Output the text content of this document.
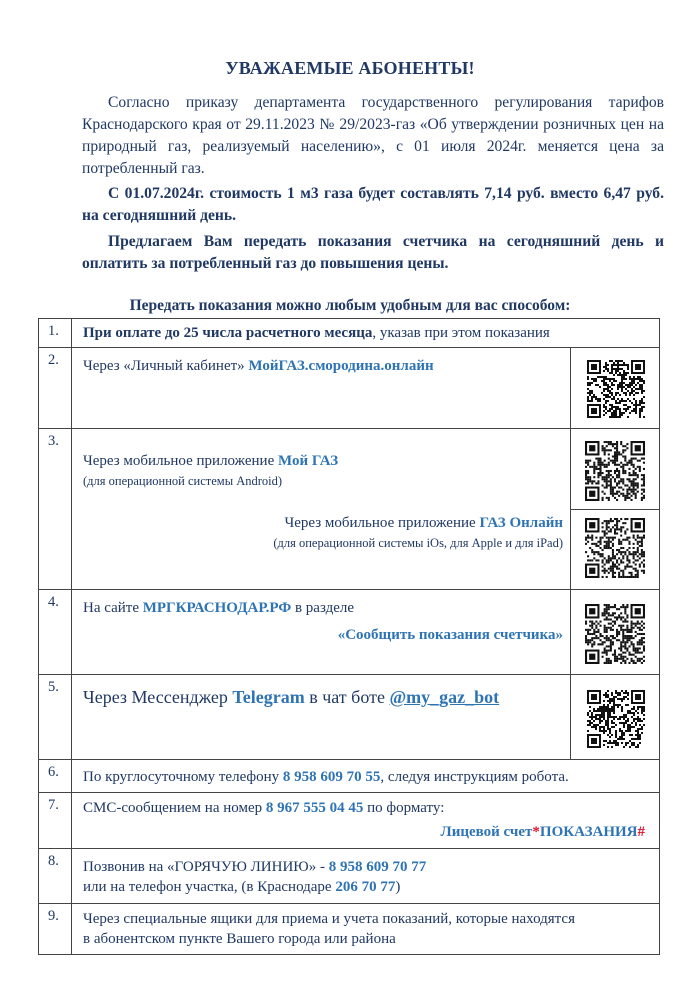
УВАЖАЕМЫЕ АБОНЕНТЫ!
Согласно приказу департамента государственного регулирования тарифов Краснодарского края от 29.11.2023 № 29/2023-газ «Об утверждении розничных цен на природный газ, реализуемый населению», с 01 июля 2024г. меняется цена за потребленный газ.
С 01.07.2024г. стоимость 1 м3 газа будет составлять 7,14 руб. вместо 6,47 руб. на сегодняшний день.
Предлагаем Вам передать показания счетчика на сегодняшний день и оплатить за потребленный газ до повышения цены.
Передать показания можно любым удобным для вас способом:
1.	При оплате до 25 числа расчетного месяца, указав при этом показания
2.	Через «Личный кабинет» МойГАЗ.смородина.онлайн
3.
Через мобильное приложение Мой ГАЗ
(для операционной системы Android)
Через мобильное приложение ГАЗ Онлайн
(для операционной системы iOs, для Apple и для iPad)
4.	На сайте МРГКРАСНОДАР.РФ в разделе
«Сообщить показания счетчика»
5.	Через Мессенджер Telegram в чат боте @my_gaz_bot
6.	По круглосуточному телефону 8 958 609 70 55, следуя инструкциям робота.
7.	СМС-сообщением на номер 8 967 555 04 45 по формату:
Лицевой счет*ПОКАЗАНИЯ#
8.	Позвонив на «ГОРЯЧУЮ ЛИНИЮ» - 8 958 609 70 77
или на телефон участка, (в Краснодаре 206 70 77)
9.	Через специальные ящики для приема и учета показаний, которые находятся
в абонентском пункте Вашего города или района
